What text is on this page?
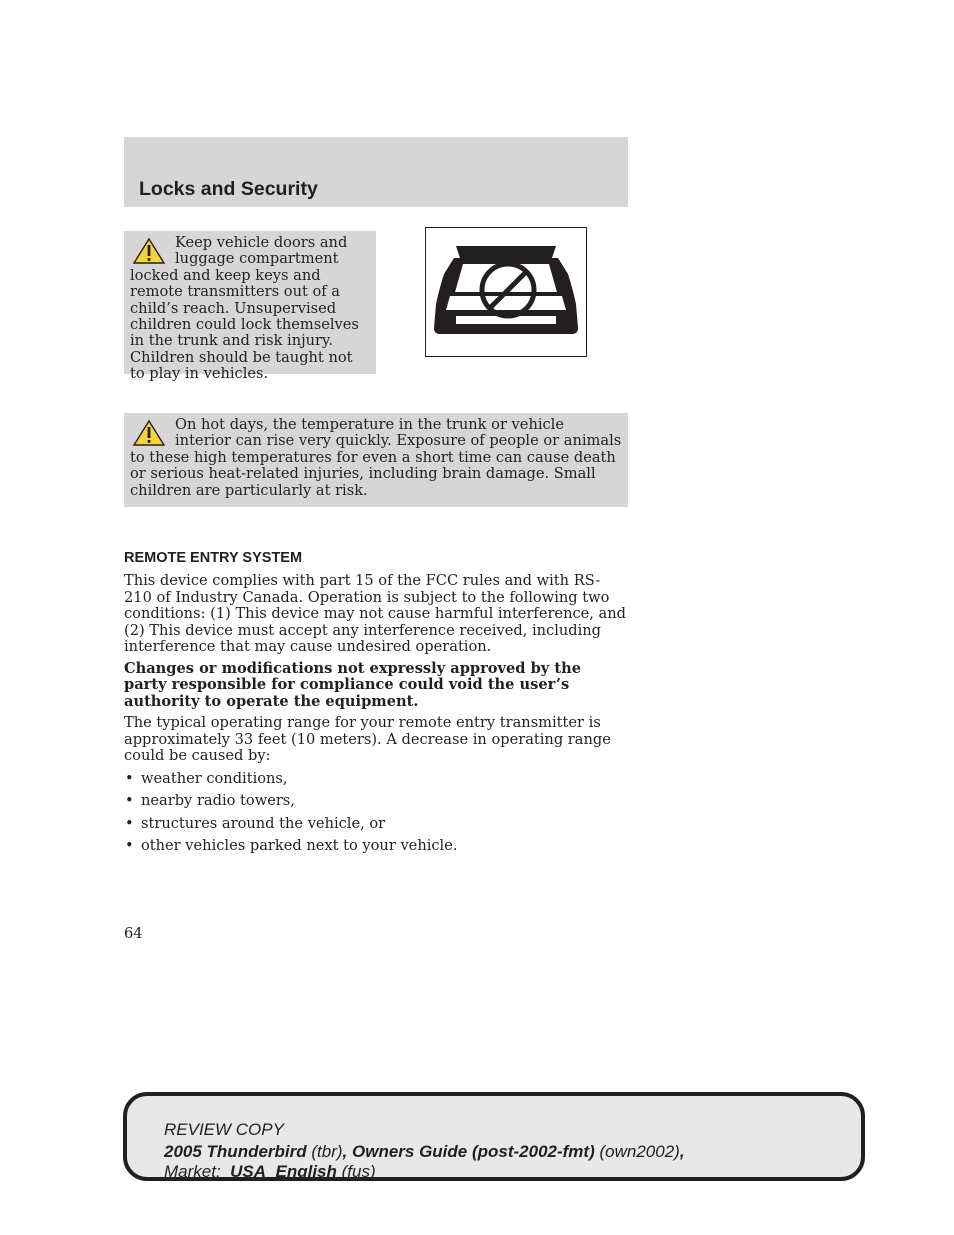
Locks and Security
Keep vehicle doors and luggage compartment locked and keep keys and remote transmitters out of a child’s reach. Unsupervised children could lock themselves in the trunk and risk injury. Children should be taught not to play in vehicles.
On hot days, the temperature in the trunk or vehicle interior can rise very quickly. Exposure of people or animals to these high temperatures for even a short time can cause death or serious heat-related injuries, including brain damage. Small children are particularly at risk.
REMOTE ENTRY SYSTEM

This device complies with part 15 of the FCC rules and with RS-210 of Industry Canada. Operation is subject to the following two conditions: (1) This device may not cause harmful interference, and (2) This device must accept any interference received, including interference that may cause undesired operation.

Changes or modifications not expressly approved by the party responsible for compliance could void the user’s authority to operate the equipment.

The typical operating range for your remote entry transmitter is approximately 33 feet (10 meters). A decrease in operating range could be caused by:

• weather conditions,
• nearby radio towers,
• structures around the vehicle, or
• other vehicles parked next to your vehicle.
64
REVIEW COPY
2005 Thunderbird (tbr), Owners Guide (post-2002-fmt) (own2002),
Market: USA_English (fus)
